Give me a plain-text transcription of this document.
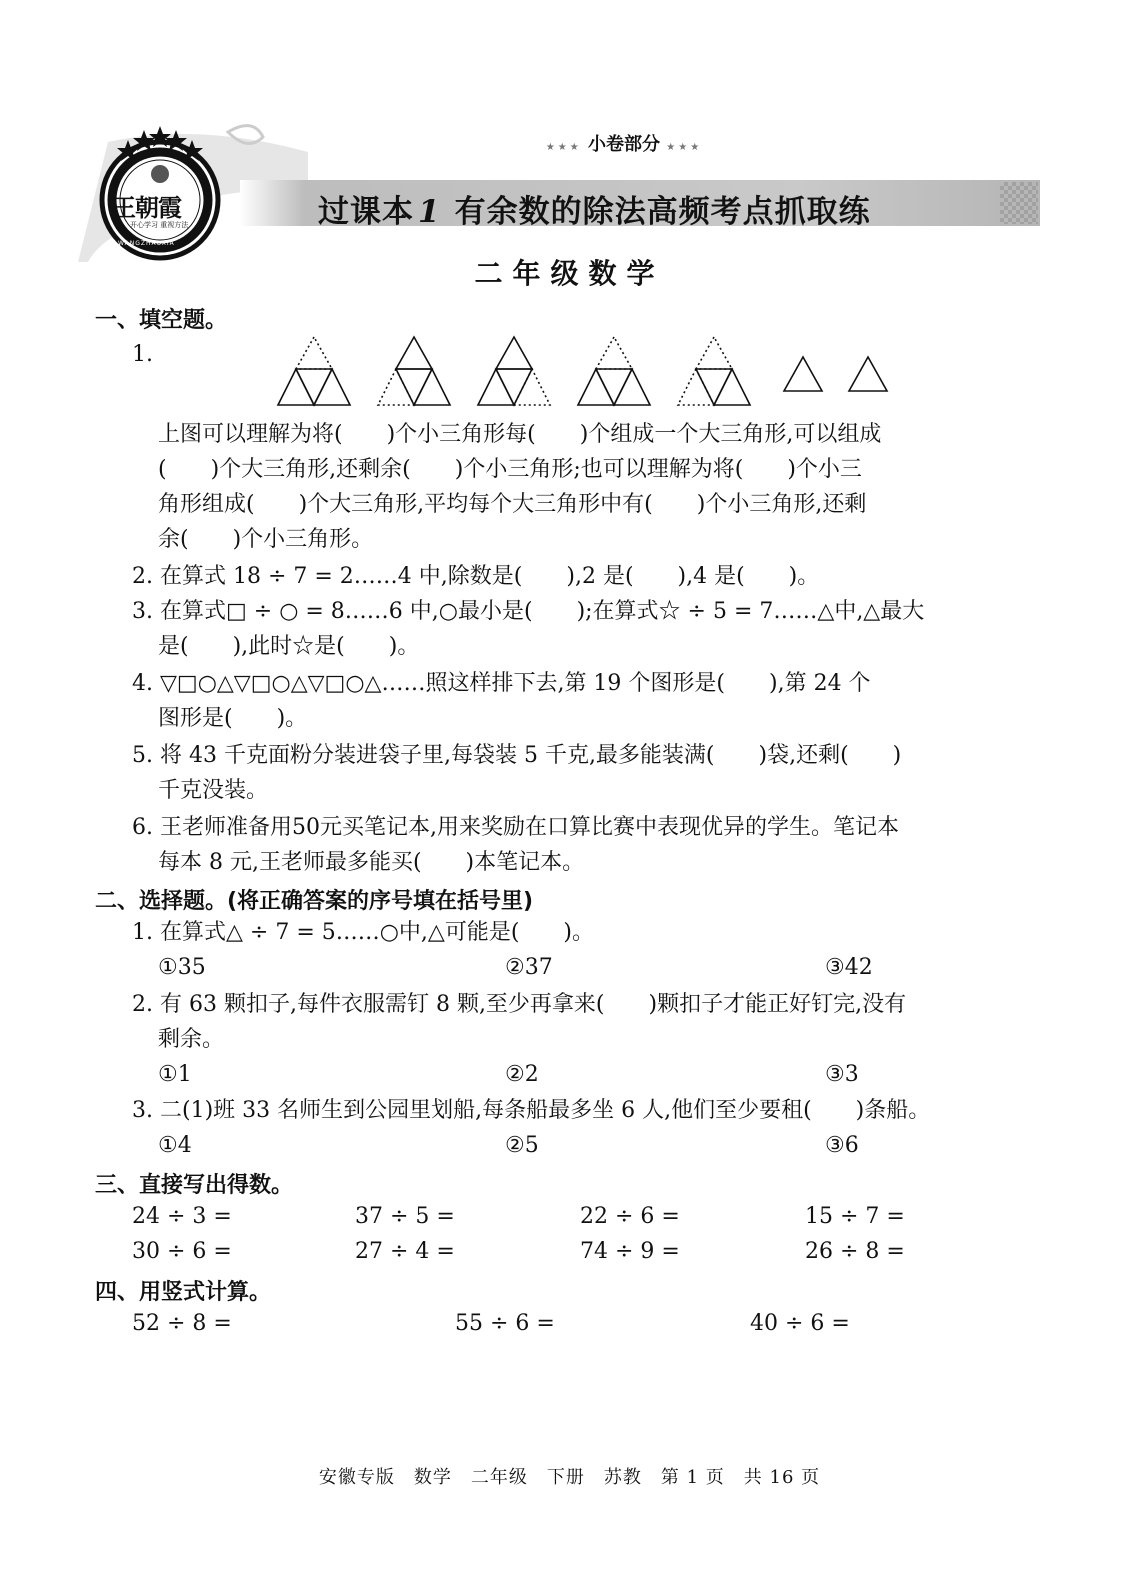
王朝霞
开心学习 重视方法
WANGZHAOXIA
★★★ 小卷部分 ★★★
过课本 1 有余数的除法高频考点抓取练
二年级数学
一、填空题。
1.
上图可以理解为将(　　)个小三角形每(　　)个组成一个大三角形,可以组成
(　　)个大三角形,还剩余(　　)个小三角形;也可以理解为将(　　)个小三
角形组成(　　)个大三角形,平均每个大三角形中有(　　)个小三角形,还剩
余(　　)个小三角形。
2. 在算式 18 ÷ 7 = 2……4 中,除数是(　　),2 是(　　),4 是(　　)。
3. 在算式□ ÷ ○ = 8……6 中,○最小是(　　);在算式☆ ÷ 5 = 7……△中,△最大
是(　　),此时☆是(　　)。
4. ▽□○△▽□○△▽□○△……照这样排下去,第 19 个图形是(　　),第 24 个
图形是(　　)。
5. 将 43 千克面粉分装进袋子里,每袋装 5 千克,最多能装满(　　)袋,还剩(　　)
千克没装。
6. 王老师准备用50元买笔记本,用来奖励在口算比赛中表现优异的学生。笔记本
每本 8 元,王老师最多能买(　　)本笔记本。
二、选择题。(将正确答案的序号填在括号里)
1. 在算式△ ÷ 7 = 5……○中,△可能是(　　)。
①35	②37	③42
2. 有 63 颗扣子,每件衣服需钉 8 颗,至少再拿来(　　)颗扣子才能正好钉完,没有
剩余。
①1	②2	③3
3. 二(1)班 33 名师生到公园里划船,每条船最多坐 6 人,他们至少要租(　　)条船。
①4	②5	③6
三、直接写出得数。
24 ÷ 3 =	37 ÷ 5 =	22 ÷ 6 =	15 ÷ 7 =
30 ÷ 6 =	27 ÷ 4 =	74 ÷ 9 =	26 ÷ 8 =
四、用竖式计算。
52 ÷ 8 =	55 ÷ 6 =	40 ÷ 6 =
安徽专版　数学　二年级　下册　苏教　第 1 页　共 16 页
